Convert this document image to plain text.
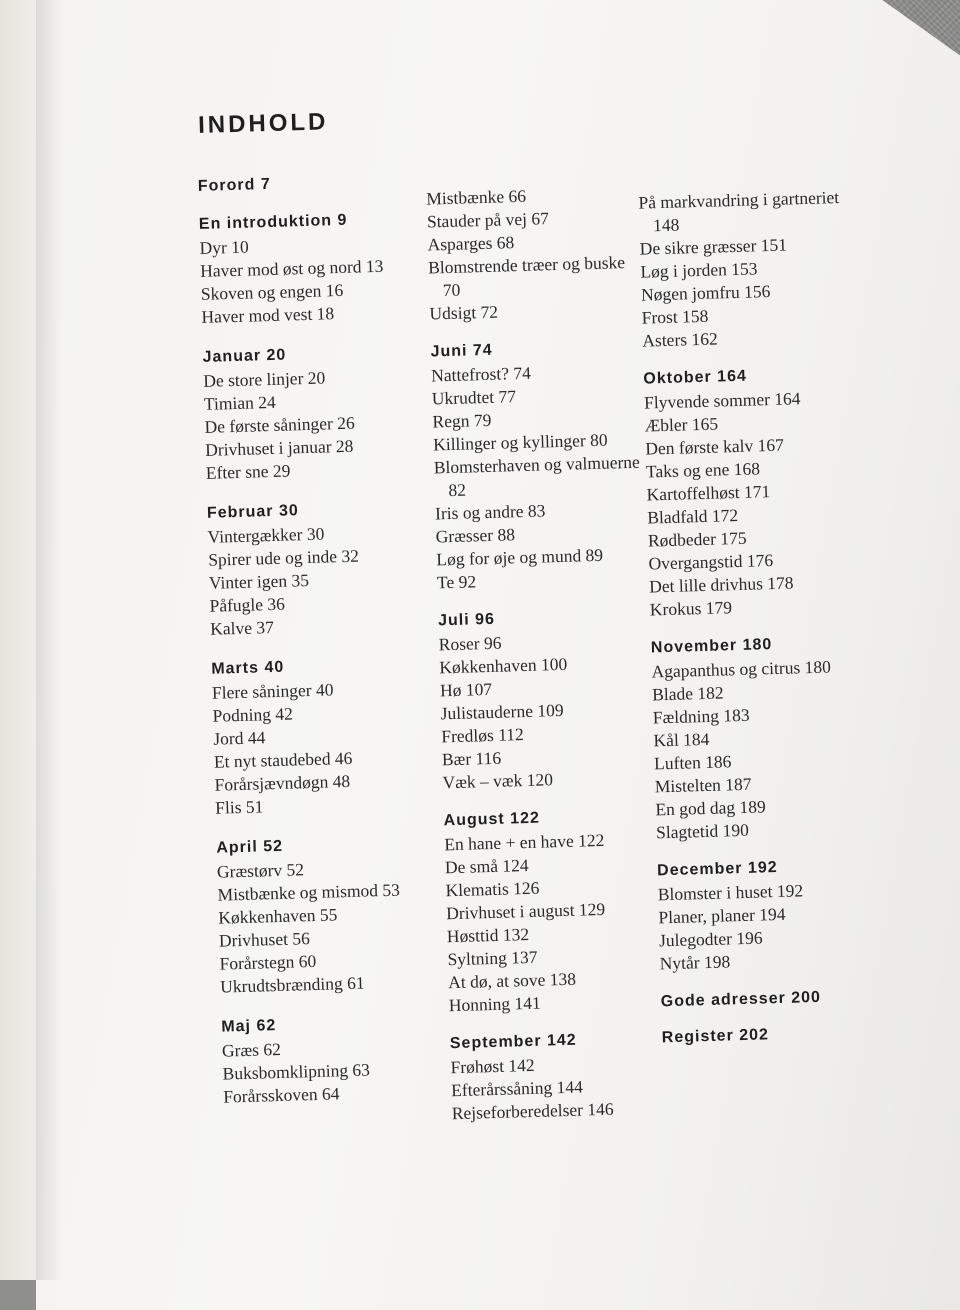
INDHOLD
Forord 7
En introduktion 9
Dyr 10
Haver mod øst og nord 13
Skoven og engen 16
Haver mod vest 18
Januar 20
De store linjer 20
Timian 24
De første såninger 26
Drivhuset i januar 28
Efter sne 29
Februar 30
Vintergækker 30
Spirer ude og inde 32
Vinter igen 35
Påfugle 36
Kalve 37
Marts 40
Flere såninger 40
Podning 42
Jord 44
Et nyt staudebed 46
Forårsjævndøgn 48
Flis 51
April 52
Græstørv 52
Mistbænke og mismod 53
Køkkenhaven 55
Drivhuset 56
Forårstegn 60
Ukrudtsbrænding 61
Maj 62
Græs 62
Buksbomklipning 63
Forårsskoven 64
Mistbænke 66
Stauder på vej 67
Asparges 68
Blomstrende træer og buske 70
Udsigt 72
Juni 74
Nattefrost? 74
Ukrudtet 77
Regn 79
Killinger og kyllinger 80
Blomsterhaven og valmuerne 82
Iris og andre 83
Græsser 88
Løg for øje og mund 89
Te 92
Juli 96
Roser 96
Køkkenhaven 100
Hø 107
Julistauderne 109
Fredløs 112
Bær 116
Væk – væk 120
August 122
En hane + en have 122
De små 124
Klematis 126
Drivhuset i august 129
Høsttid 132
Syltning 137
At dø, at sove 138
Honning 141
September 142
Frøhøst 142
Efterårssåning 144
Rejseforberedelser 146
På markvandring i gartneriet 148
De sikre græsser 151
Løg i jorden 153
Nøgen jomfru 156
Frost 158
Asters 162
Oktober 164
Flyvende sommer 164
Æbler 165
Den første kalv 167
Taks og ene 168
Kartoffelhøst 171
Bladfald 172
Rødbeder 175
Overgangstid 176
Det lille drivhus 178
Krokus 179
November 180
Agapanthus og citrus 180
Blade 182
Fældning 183
Kål 184
Luften 186
Mistelten 187
En god dag 189
Slagtetid 190
December 192
Blomster i huset 192
Planer, planer 194
Julegodter 196
Nytår 198
Gode adresser 200
Register 202
